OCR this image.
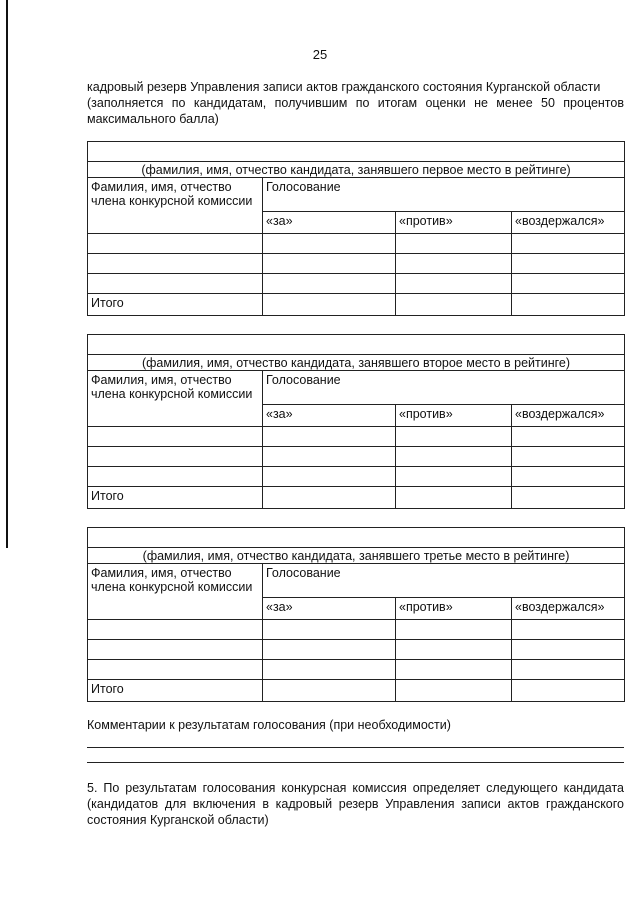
25

кадровый резерв Управления записи актов гражданского состояния Курганской области

(заполняется по кандидатам, получившим по итогам оценки не менее 50 процентов

максимального балла)

(фамилия, имя, отчество кандидата, занявшего первое место в рейтинге)			

Фамилия, имя, отчество члена конкурсной комиссии	Голосование		
	«за»	«против»	«воздержался»

Итого			
(фамилия, имя, отчество кандидата, занявшего второе место в рейтинге)			

Фамилия, имя, отчество члена конкурсной комиссии	Голосование		
	«за»	«против»	«воздержался»

Итого			
(фамилия, имя, отчество кандидата, занявшего третье место в рейтинге)			

Фамилия, имя, отчество члена конкурсной комиссии	Голосование		
	«за»	«против»	«воздержался»

Итого			

Комментарии к результатам голосования (при необходимости)

5. По результатам голосования конкурсная комиссия определяет следующего кандидата (кандидатов для включения в кадровый резерв Управления записи актов гражданского состояния Курганской области)
